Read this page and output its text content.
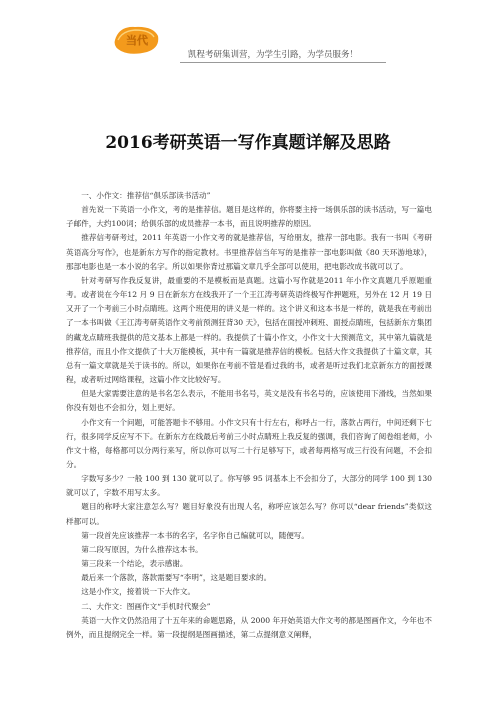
当代
凯程考研集训营，为学生引路，为学员服务！
2016考研英语一写作真题详解及思路

一、小作文：推荐信“俱乐部读书活动”

首先说一下英语一小作文，考的是推荐信。题目是这样的，你将要主持一场俱乐部的读书活动，写一篇电子邮件，大约100词；给俱乐部的成员推荐一本书，而且说明推荐的原因。

推荐信考研考过，2011 年英语一小作文考的就是推荐信，写给朋友，推荐一部电影。我有一书叫《考研英语高分写作》，也是新东方写作的指定教材。书里推荐信当年写的是推荐一部电影叫做《80 天环游地球》，那部电影也是一本小说的名字。所以如果你背过那篇文章几乎全部可以使用，把电影改成书就可以了。

针对考研写作我反复讲，最重要的不是模板而是真题。这篇小写作就是2011 年小作文真题几乎原题重考。或者说在今年12 月 9 日在新东方在线我开了一个王江涛考研英语终极写作押题班，另外在 12 月 19 日又开了一个考前三小时点睛班。这两个班使用的讲义是一样的。这个讲义和这本书是一样的，就是我在考前出了一本书叫做《王江涛考研英语作文考前预测狂背30 天》，包括在面授冲刺班、面授点睛班，包括新东方集团的藏龙点睛班我提供的范文基本上都是一样的。我提供了十篇小作文，小作文十大预测范文，其中第九篇就是推荐信，而且小作文提供了十大万能模板，其中有一篇就是推荐信的模板。包括大作文我提供了十篇文章，其总有一篇文章就是关于读书的。所以，如果你在考前不管是看过我的书，或者是听过我们北京新东方的面授课程，或者听过网络课程，这篇小作文比较好写。

但是大家需要注意的是书名怎么表示，不能用书名号，英文是没有书名号的，应该使用下滑线，当然如果你没有划也不会扣分，划上更好。

小作文有一个问题，可能答题卡不够用。小作文只有十行左右，称呼占一行，落款占两行，中间还剩下七行，很多同学反应写不下。在新东方在线最后考前三小时点睛班上我反复的强调，我们咨询了阅卷组老师，小作文十格，每格都可以分两行来写，所以你可以写二十行足够写下，或者每两格写成三行没有问题，不会扣分。

字数写多少？一般 100 到 130 就可以了。你写够 95 词基本上不会扣分了，大部分的同学 100 到 130 就可以了，字数不用写太多。

题目的称呼大家注意怎么写？题目好象没有出现人名，称呼应该怎么写？你可以“dear friends”类似这样都可以。

第一段首先应该推荐一本书的名字，名字你自己编就可以，随便写。

第二段写原因，为什么推荐这本书。

第三段来一个结论，表示感谢。

最后来一个落款，落款需要写“李明”，这是题目要求的。

这是小作文，接着说一下大作文。

二、大作文：图画作文“手机时代聚会”

英语一大作文仍然沿用了十五年来的命题思路，从 2000 年开始英语大作文考的都是图画作文，今年也不例外，而且提纲完全一样。第一段提纲是图画描述，第二点提纲意义阐释，
